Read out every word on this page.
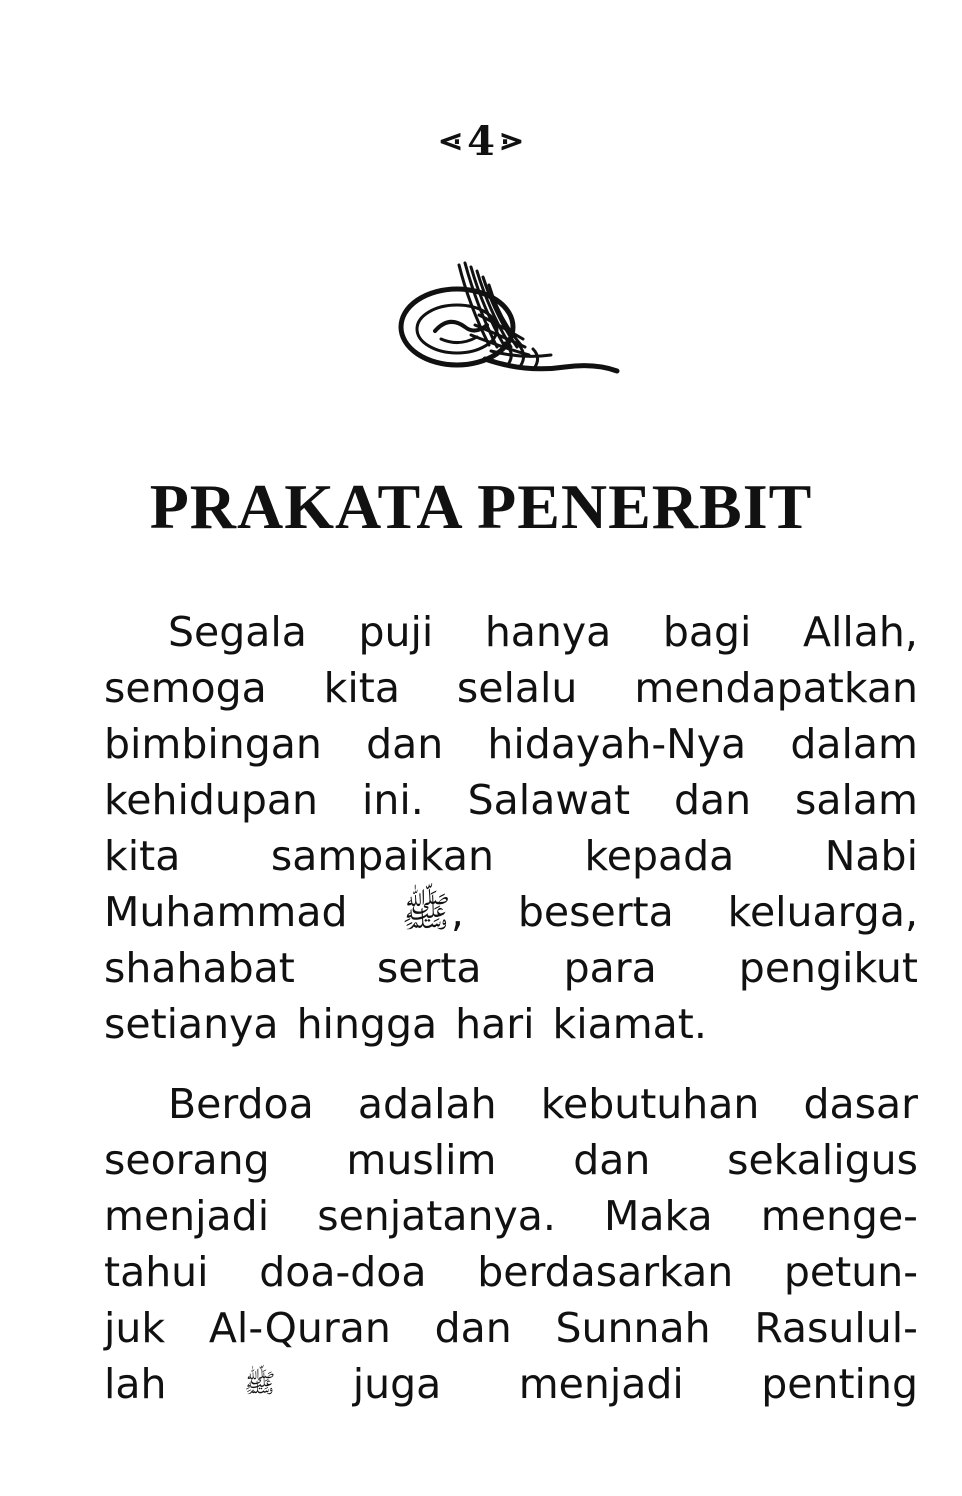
⋖ 4 ⋗
PRAKATA PENERBIT
Segala puji hanya bagi Allah,
semoga kita selalu mendapatkan
bimbingan dan hidayah-Nya dalam
kehidupan ini. Salawat dan salam
kita sampaikan kepada Nabi
Muhammad ﷺ, beserta keluarga,
shahabat serta para pengikut
setianya hingga hari kiamat.
Berdoa adalah kebutuhan dasar
seorang muslim dan sekaligus
menjadi senjatanya. Maka menge-
tahui doa-doa berdasarkan petun-
juk Al-Quran dan Sunnah Rasulul-
lah	ﷺ juga menjadi penting
